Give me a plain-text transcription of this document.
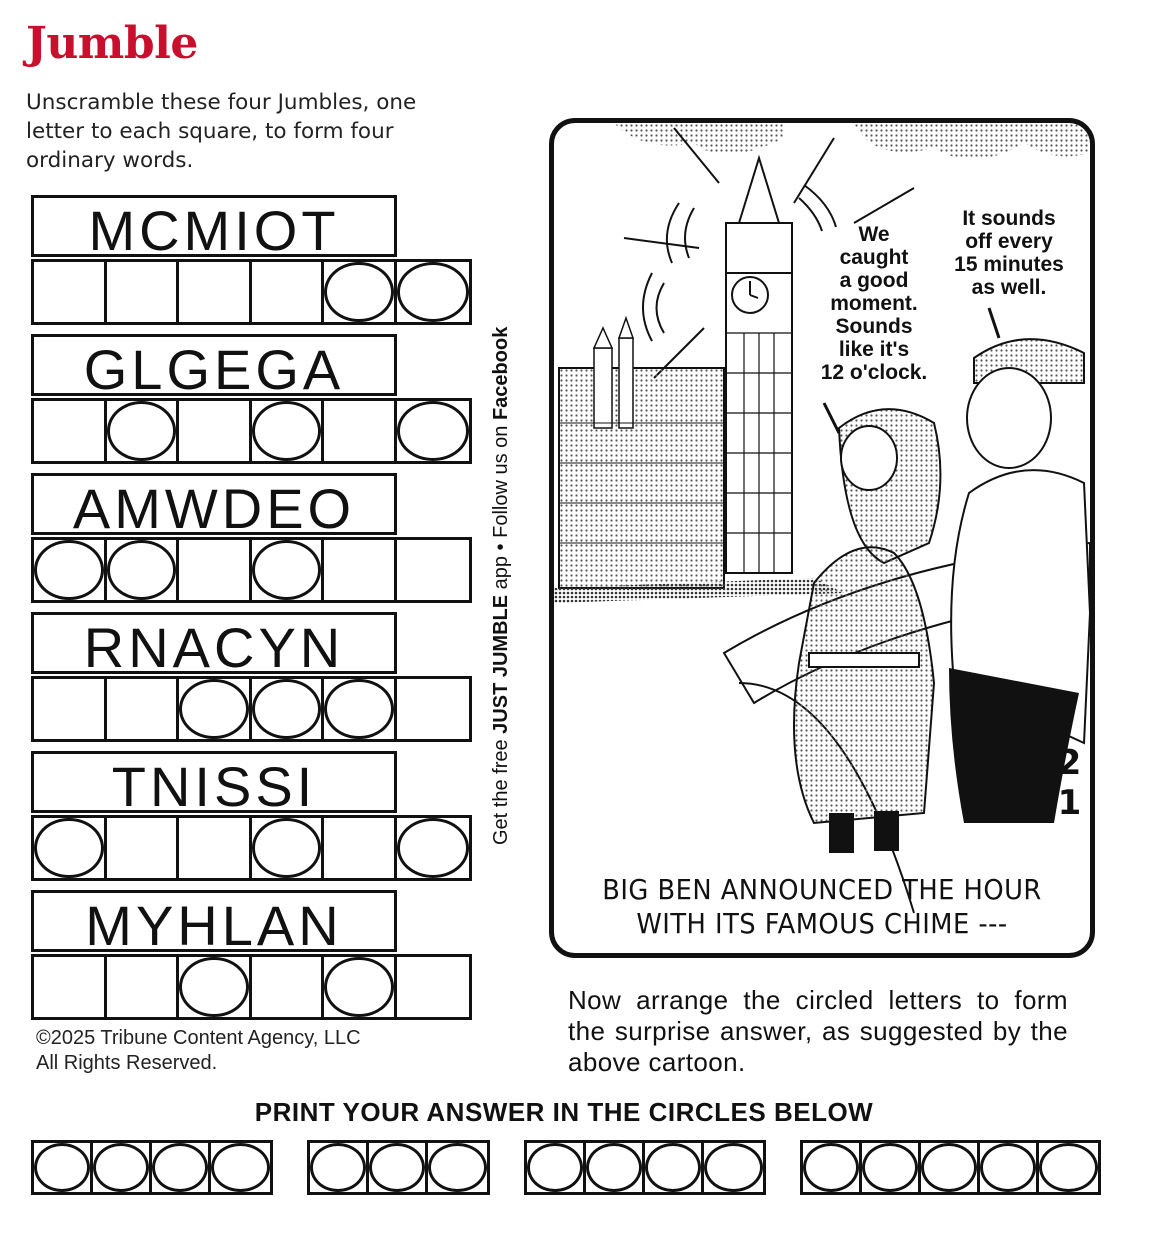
Jumble
Unscramble these four Jumbles, one letter to each square, to form four ordinary words.
MCMIOT
GLGEGA
AMWDEO
RNACYN
TNISSI
MYHLAN
Get the free JUST JUMBLE app • Follow us on Facebook
©2025 Tribune Content Agency, LLC
All Rights Reserved.
We
caught
a good
moment.
Sounds
like it's
12 o'clock.
It sounds
off every
15 minutes
as well.
12
21
BIG BEN ANNOUNCED THE HOUR
WITH ITS FAMOUS CHIME ---
Now arrange the circled letters to form the surprise answer, as suggested by the above cartoon.
PRINT YOUR ANSWER IN THE CIRCLES BELOW
